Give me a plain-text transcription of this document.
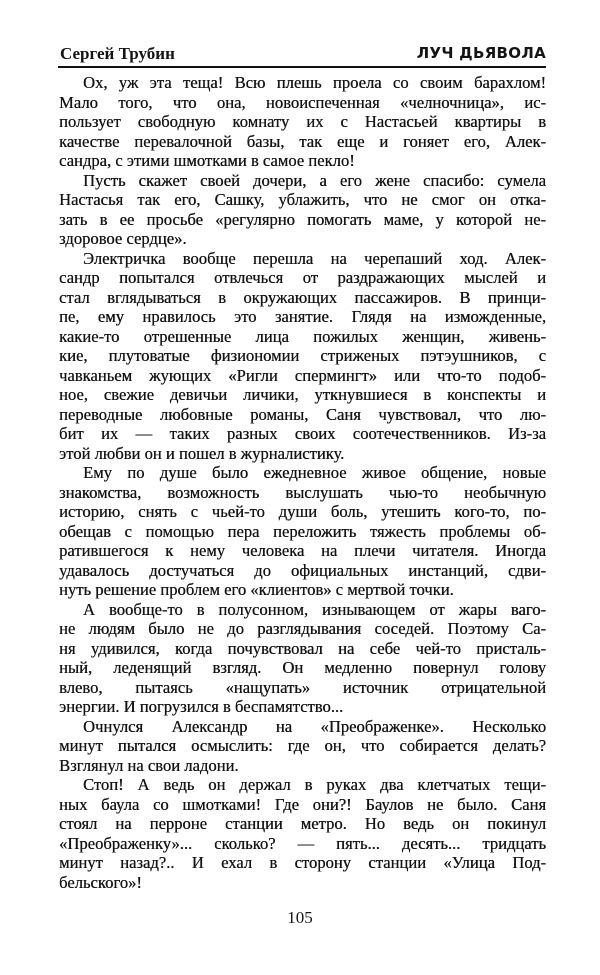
Сергей Трубин	ЛУЧ ДЬЯВОЛА
Ох, уж эта теща! Всю плешь проела со своим барахлом!
Мало того, что она, новоиспеченная «челночница», ис-
пользует свободную комнату их с Настасьей квартиры в
качестве перевалочной базы, так еще и гоняет его, Алек-
сандра, с этими шмотками в самое пекло!
Пусть скажет своей дочери, а его жене спасибо: сумела
Настасья так его, Сашку, ублажить, что не смог он отка-
зать в ее просьбе «регулярно помогать маме, у которой не-
здоровое сердце».
Электричка вообще перешла на черепаший ход. Алек-
сандр попытался отвлечься от раздражающих мыслей и
стал вглядываться в окружающих пассажиров. В принци-
пе, ему нравилось это занятие. Глядя на изможденные,
какие-то отрешенные лица пожилых женщин, живень-
кие, плутоватые физиономии стриженых пэтэушников, с
чавканьем жующих «Ригли спермингт» или что-то подоб-
ное, свежие девичьи личики, уткнувшиеся в конспекты и
переводные любовные романы, Саня чувствовал, что лю-
бит их — таких разных своих соотечественников. Из-за
этой любви он и пошел в журналистику.
Ему по душе было ежедневное живое общение, новые
знакомства, возможность выслушать чью-то необычную
историю, снять с чьей-то души боль, утешить кого-то, по-
обещав с помощью пера переложить тяжесть проблемы об-
ратившегося к нему человека на плечи читателя. Иногда
удавалось достучаться до официальных инстанций, сдви-
нуть решение проблем его «клиентов» с мертвой точки.
А вообще-то в полусонном, изнывающем от жары ваго-
не людям было не до разглядывания соседей. Поэтому Са-
ня удивился, когда почувствовал на себе чей-то присталь-
ный, леденящий взгляд. Он медленно повернул голову
влево, пытаясь «нащупать» источник отрицательной
энергии. И погрузился в беспамятство...
Очнулся Александр на «Преображенке». Несколько
минут пытался осмыслить: где он, что собирается делать?
Взглянул на свои ладони.
Стоп! А ведь он держал в руках два клетчатых тещи-
ных баула со шмотками! Где они?! Баулов не было. Саня
стоял на перроне станции метро. Но ведь он покинул
«Преображенку»... сколько? — пять... десять... тридцать
минут назад?.. И ехал в сторону станции «Улица Под-
бельского»!
105
